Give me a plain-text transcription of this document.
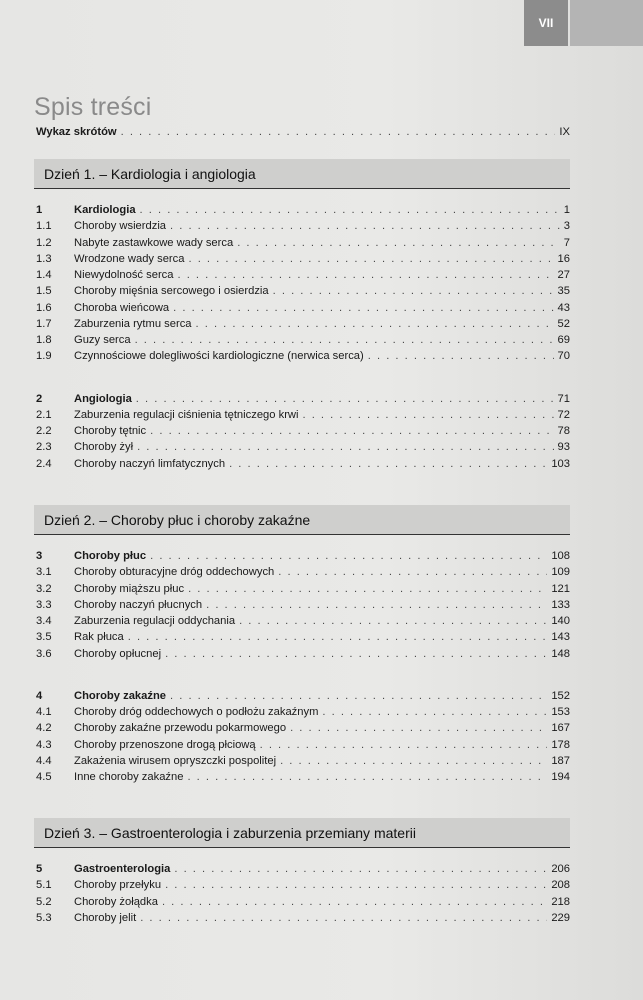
VII
Spis treści
Wykaz skrótów . . .	IX
Dzień 1. – Kardiologia i angiologia
1	Kardiologia . . .	1
1.1	Choroby wsierdzia . . .	3
1.2	Nabyte zastawkowe wady serca . . .	7
1.3	Wrodzone wady serca . . .	16
1.4	Niewydolność serca . . .	27
1.5	Choroby mięśnia sercowego i osierdzia . . .	35
1.6	Choroba wieńcowa . . .	43
1.7	Zaburzenia rytmu serca . . .	52
1.8	Guzy serca . . .	69
1.9	Czynnościowe dolegliwości kardiologiczne (nerwica serca) . . .	70
2	Angiologia . . .	71
2.1	Zaburzenia regulacji ciśnienia tętniczego krwi . . .	72
2.2	Choroby tętnic . . .	78
2.3	Choroby żył . . .	93
2.4	Choroby naczyń limfatycznych . . .	103
Dzień 2. – Choroby płuc i choroby zakaźne
3	Choroby płuc . . .	108
3.1	Choroby obturacyjne dróg oddechowych . . .	109
3.2	Choroby miąższu płuc . . .	121
3.3	Choroby naczyń płucnych . . .	133
3.4	Zaburzenia regulacji oddychania . . .	140
3.5	Rak płuca . . .	143
3.6	Choroby opłucnej . . .	148
4	Choroby zakaźne . . .	152
4.1	Choroby dróg oddechowych o podłożu zakaźnym . . .	153
4.2	Choroby zakaźne przewodu pokarmowego . . .	167
4.3	Choroby przenoszone drogą płciową . . .	178
4.4	Zakażenia wirusem opryszczki pospolitej . . .	187
4.5	Inne choroby zakaźne . . .	194
Dzień 3. – Gastroenterologia i zaburzenia przemiany materii
5	Gastroenterologia . . .	206
5.1	Choroby przełyku . . .	208
5.2	Choroby żołądka . . .	218
5.3	Choroby jelit . . .	229
